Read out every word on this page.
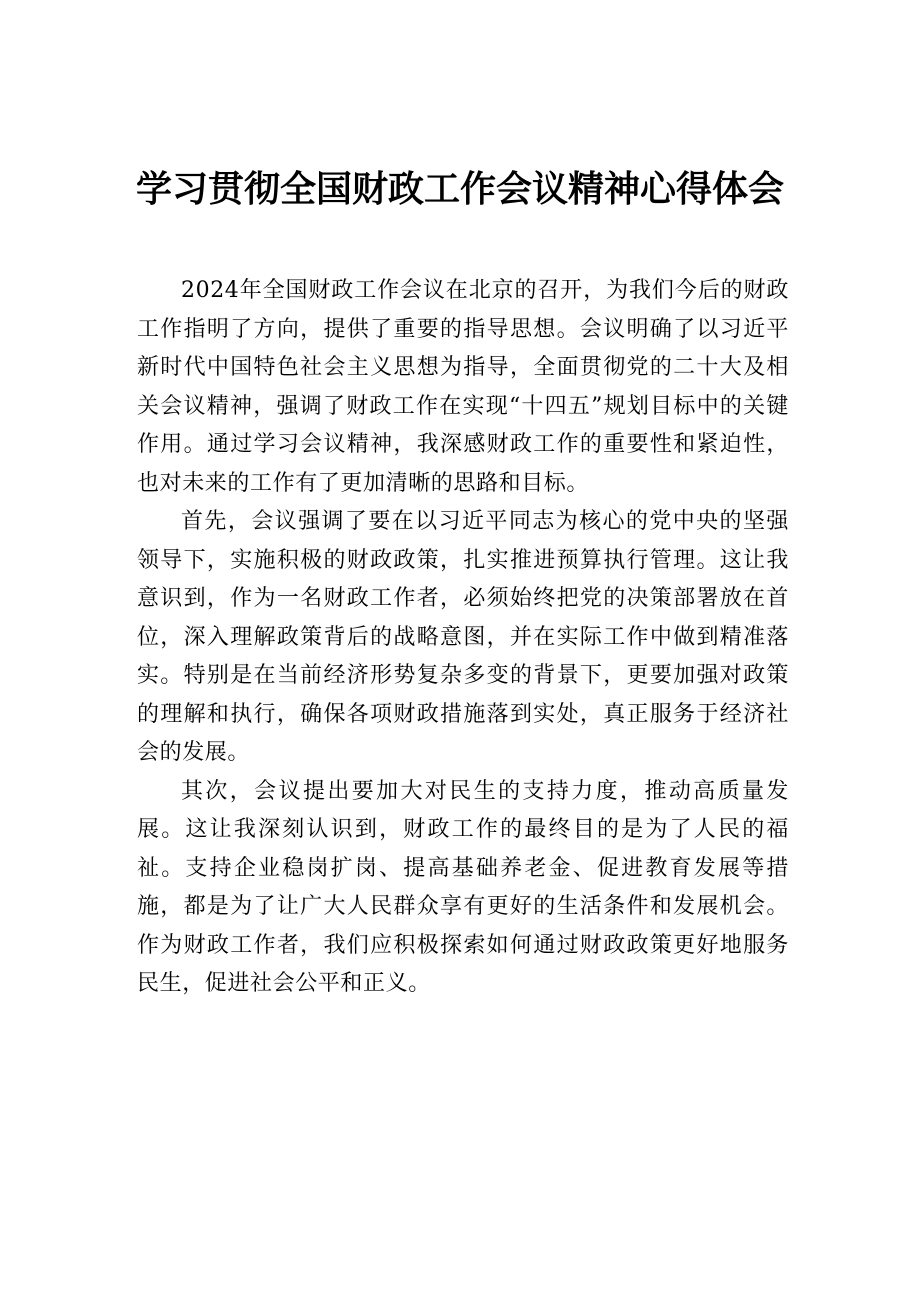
学习贯彻全国财政工作会议精神心得体会

2024年全国财政工作会议在北京的召开，为我们今后的财政工作指明了方向，提供了重要的指导思想。会议明确了以习近平新时代中国特色社会主义思想为指导，全面贯彻党的二十大及相关会议精神，强调了财政工作在实现“十四五”规划目标中的关键作用。通过学习会议精神，我深感财政工作的重要性和紧迫性，也对未来的工作有了更加清晰的思路和目标。

首先，会议强调了要在以习近平同志为核心的党中央的坚强领导下，实施积极的财政政策，扎实推进预算执行管理。这让我意识到，作为一名财政工作者，必须始终把党的决策部署放在首位，深入理解政策背后的战略意图，并在实际工作中做到精准落实。特别是在当前经济形势复杂多变的背景下，更要加强对政策的理解和执行，确保各项财政措施落到实处，真正服务于经济社会的发展。

其次，会议提出要加大对民生的支持力度，推动高质量发展。这让我深刻认识到，财政工作的最终目的是为了人民的福祉。支持企业稳岗扩岗、提高基础养老金、促进教育发展等措施，都是为了让广大人民群众享有更好的生活条件和发展机会。作为财政工作者，我们应积极探索如何通过财政政策更好地服务民生，促进社会公平和正义。
